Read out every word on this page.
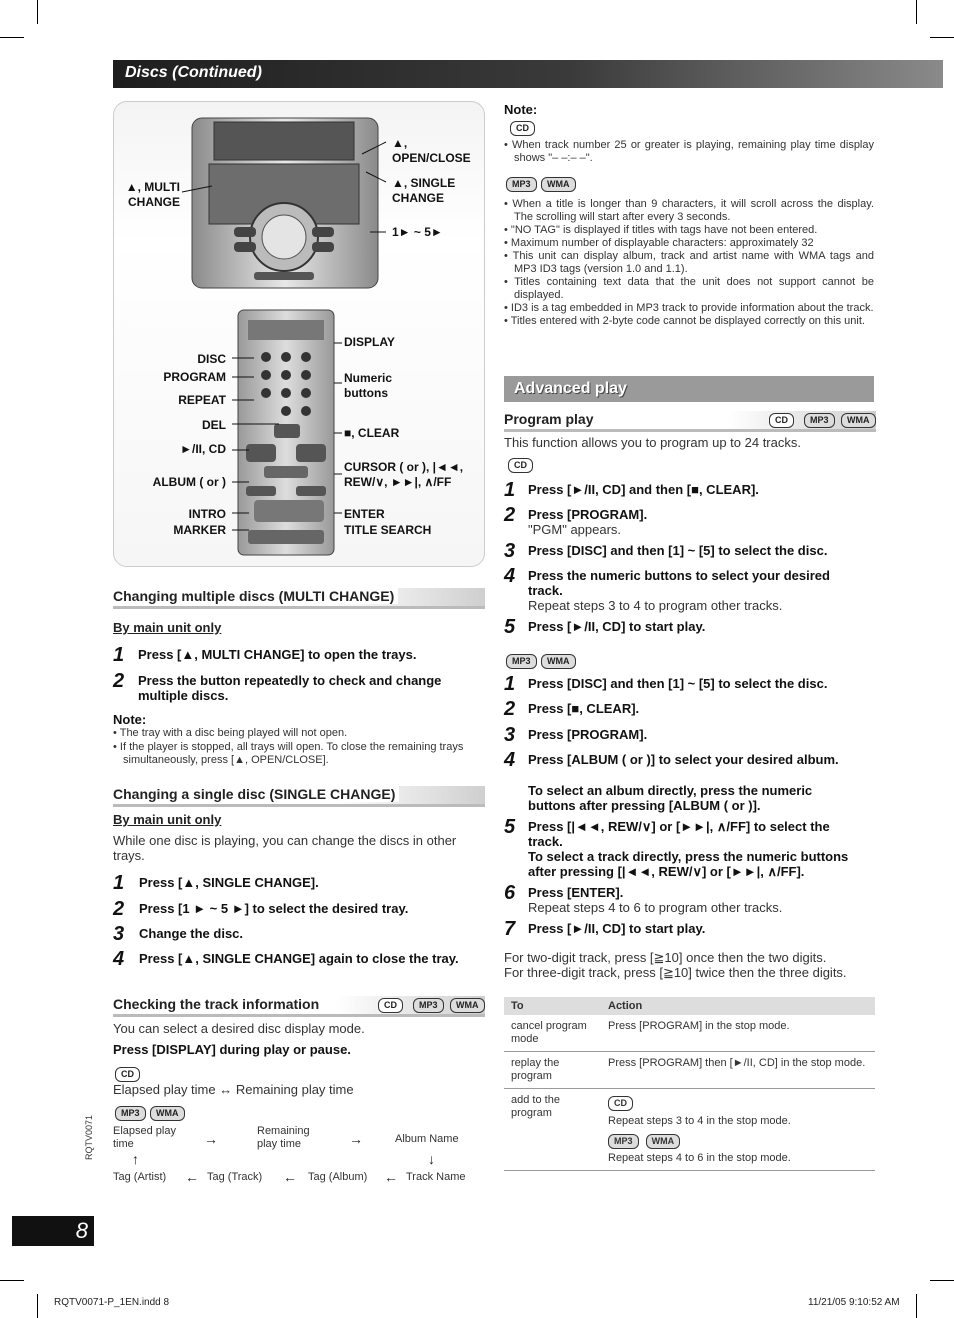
Discs (Continued)
▲, OPEN/CLOSE
▲, SINGLE CHANGE
1► ~ 5►
▲, MULTI CHANGE
DISC
PROGRAM
REPEAT
DEL
►/II, CD
ALBUM ( or )
INTRO
MARKER
DISPLAY
Numeric buttons
■, CLEAR
CURSOR ( or ), |◄◄, REW/∨, ►►|, ∧/FF
ENTER
TITLE SEARCH
Changing multiple discs (MULTI CHANGE)
By main unit only
1 Press [▲, MULTI CHANGE] to open the trays.
2 Press the button repeatedly to check and change multiple discs.
Note:
• The tray with a disc being played will not open.
• If the player is stopped, all trays will open. To close the remaining trays simultaneously, press [▲, OPEN/CLOSE].
Changing a single disc (SINGLE CHANGE)
By main unit only
While one disc is playing, you can change the discs in other trays.
1 Press [▲, SINGLE CHANGE].
2 Press [1 ► ~ 5 ►] to select the desired tray.
3 Change the disc.
4 Press [▲, SINGLE CHANGE] again to close the tray.
Checking the track information	CD	MP3	WMA
You can select a desired disc display mode.
Press [DISPLAY] during play or pause.
CD
Elapsed play time ↔ Remaining play time
MP3	WMA
Elapsed play time	→	Remaining play time	→	Album Name
↑	↓
Tag (Artist) ← Tag (Track) ← Tag (Album) ← Track Name
Note:
CD
• When track number 25 or greater is playing, remaining play time display shows "– –:– –".
MP3	WMA
• When a title is longer than 9 characters, it will scroll across the display. The scrolling will start after every 3 seconds.
• "NO TAG" is displayed if titles with tags have not been entered.
• Maximum number of displayable characters: approximately 32
• This unit can display album, track and artist name with WMA tags and MP3 ID3 tags (version 1.0 and 1.1).
• Titles containing text data that the unit does not support cannot be displayed.
• ID3 is a tag embedded in MP3 track to provide information about the track.
• Titles entered with 2-byte code cannot be displayed correctly on this unit.
Advanced play
Program play	CD	MP3	WMA
This function allows you to program up to 24 tracks.
CD
1 Press [►/II, CD] and then [■, CLEAR].
2 Press [PROGRAM].
"PGM" appears.
3 Press [DISC] and then [1] ~ [5] to select the disc.
4 Press the numeric buttons to select your desired track.
Repeat steps 3 to 4 to program other tracks.
5 Press [►/II, CD] to start play.
MP3	WMA
1 Press [DISC] and then [1] ~ [5] to select the disc.
2 Press [■, CLEAR].
3 Press [PROGRAM].
4 Press [ALBUM ( or )] to select your desired album.
To select an album directly, press the numeric buttons after pressing [ALBUM ( or )].
5 Press [|◄◄, REW/∨] or [►►|, ∧/FF] to select the track.
To select a track directly, press the numeric buttons after pressing [|◄◄, REW/∨] or [►►|, ∧/FF].
6 Press [ENTER].
Repeat steps 4 to 6 to program other tracks.
7 Press [►/II, CD] to start play.
For two-digit track, press [≧10] once then the two digits.
For three-digit track, press [≧10] twice then the three digits.
To	Action
cancel program mode	Press [PROGRAM] in the stop mode.
replay the program	Press [PROGRAM] then [►/II, CD] in the stop mode.
add to the program	CD
Repeat steps 3 to 4 in the stop mode.
MP3 WMA
Repeat steps 4 to 6 in the stop mode.
RQTV0071
8
RQTV0071-P_1EN.indd 8	11/21/05 9:10:52 AM
